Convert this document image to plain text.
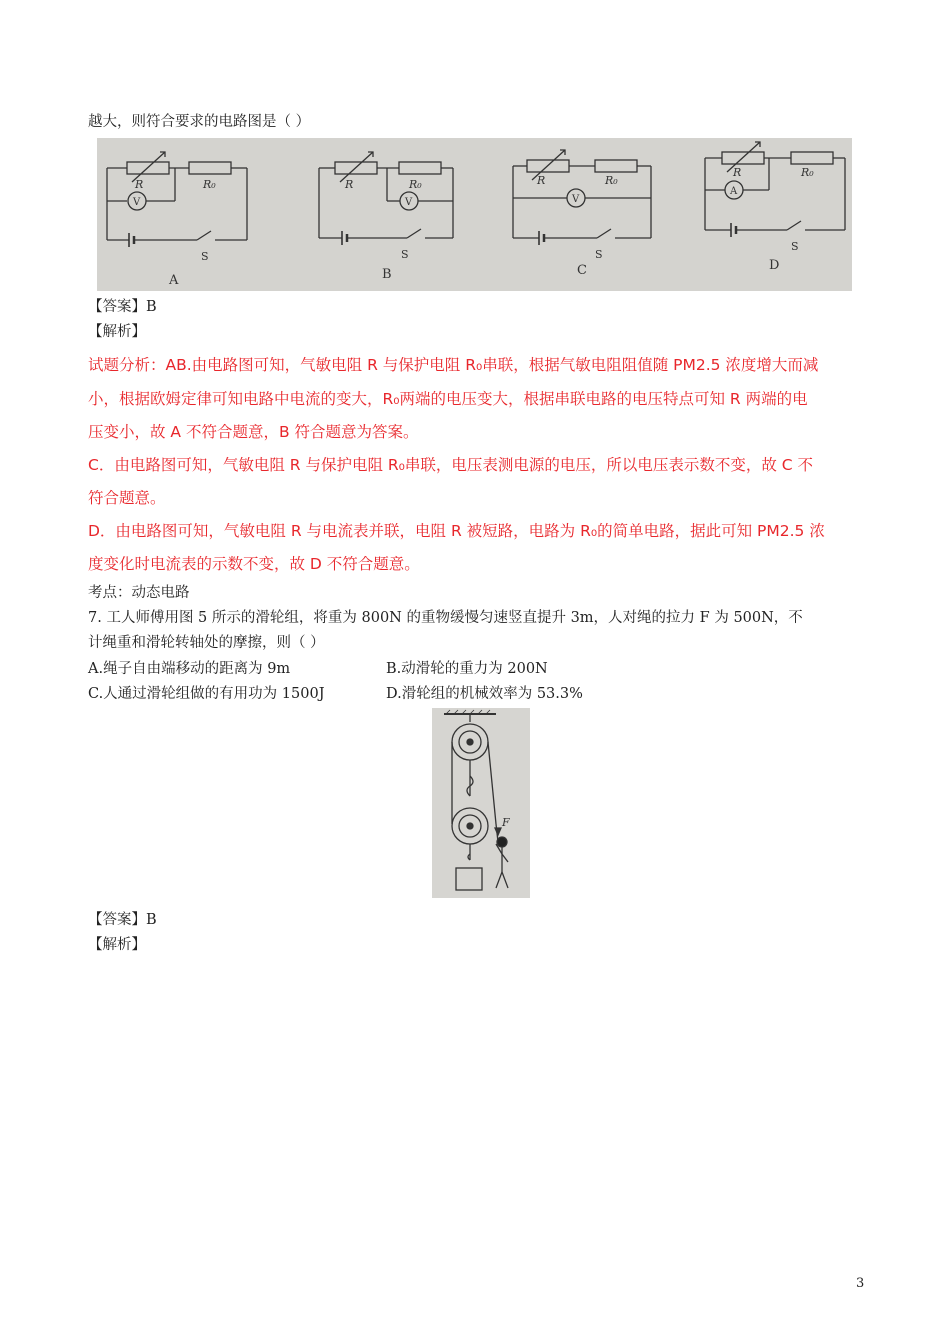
越大，则符合要求的电路图是（ ）
R	R₀
V
S
A
R	R₀
V
S
B
R	R₀
V
S
C
R	R₀
A
S
D
【答案】B
【解析】
试题分析：AB.由电路图可知，气敏电阻 R 与保护电阻 R₀串联，根据气敏电阻阻值随 PM2.5 浓度增大而减
小，根据欧姆定律可知电路中电流的变大，R₀两端的电压变大，根据串联电路的电压特点可知 R 两端的电
压变小，故 A 不符合题意，B 符合题意为答案。
C．由电路图可知，气敏电阻 R 与保护电阻 R₀串联，电压表测电源的电压，所以电压表示数不变，故 C 不
符合题意。
D．由电路图可知，气敏电阻 R 与电流表并联，电阻 R 被短路，电路为 R₀的简单电路，据此可知 PM2.5 浓
度变化时电流表的示数不变，故 D 不符合题意。
考点：动态电路
7. 工人师傅用图 5 所示的滑轮组，将重为 800N 的重物缓慢匀速竖直提升 3m，人对绳的拉力 F 为 500N，不
计绳重和滑轮转轴处的摩擦，则（ ）
A.绳子自由端移动的距离为 9m	B.动滑轮的重力为 200N
C.人通过滑轮组做的有用功为 1500J	D.滑轮组的机械效率为 53.3%
F
【答案】B
【解析】
3
